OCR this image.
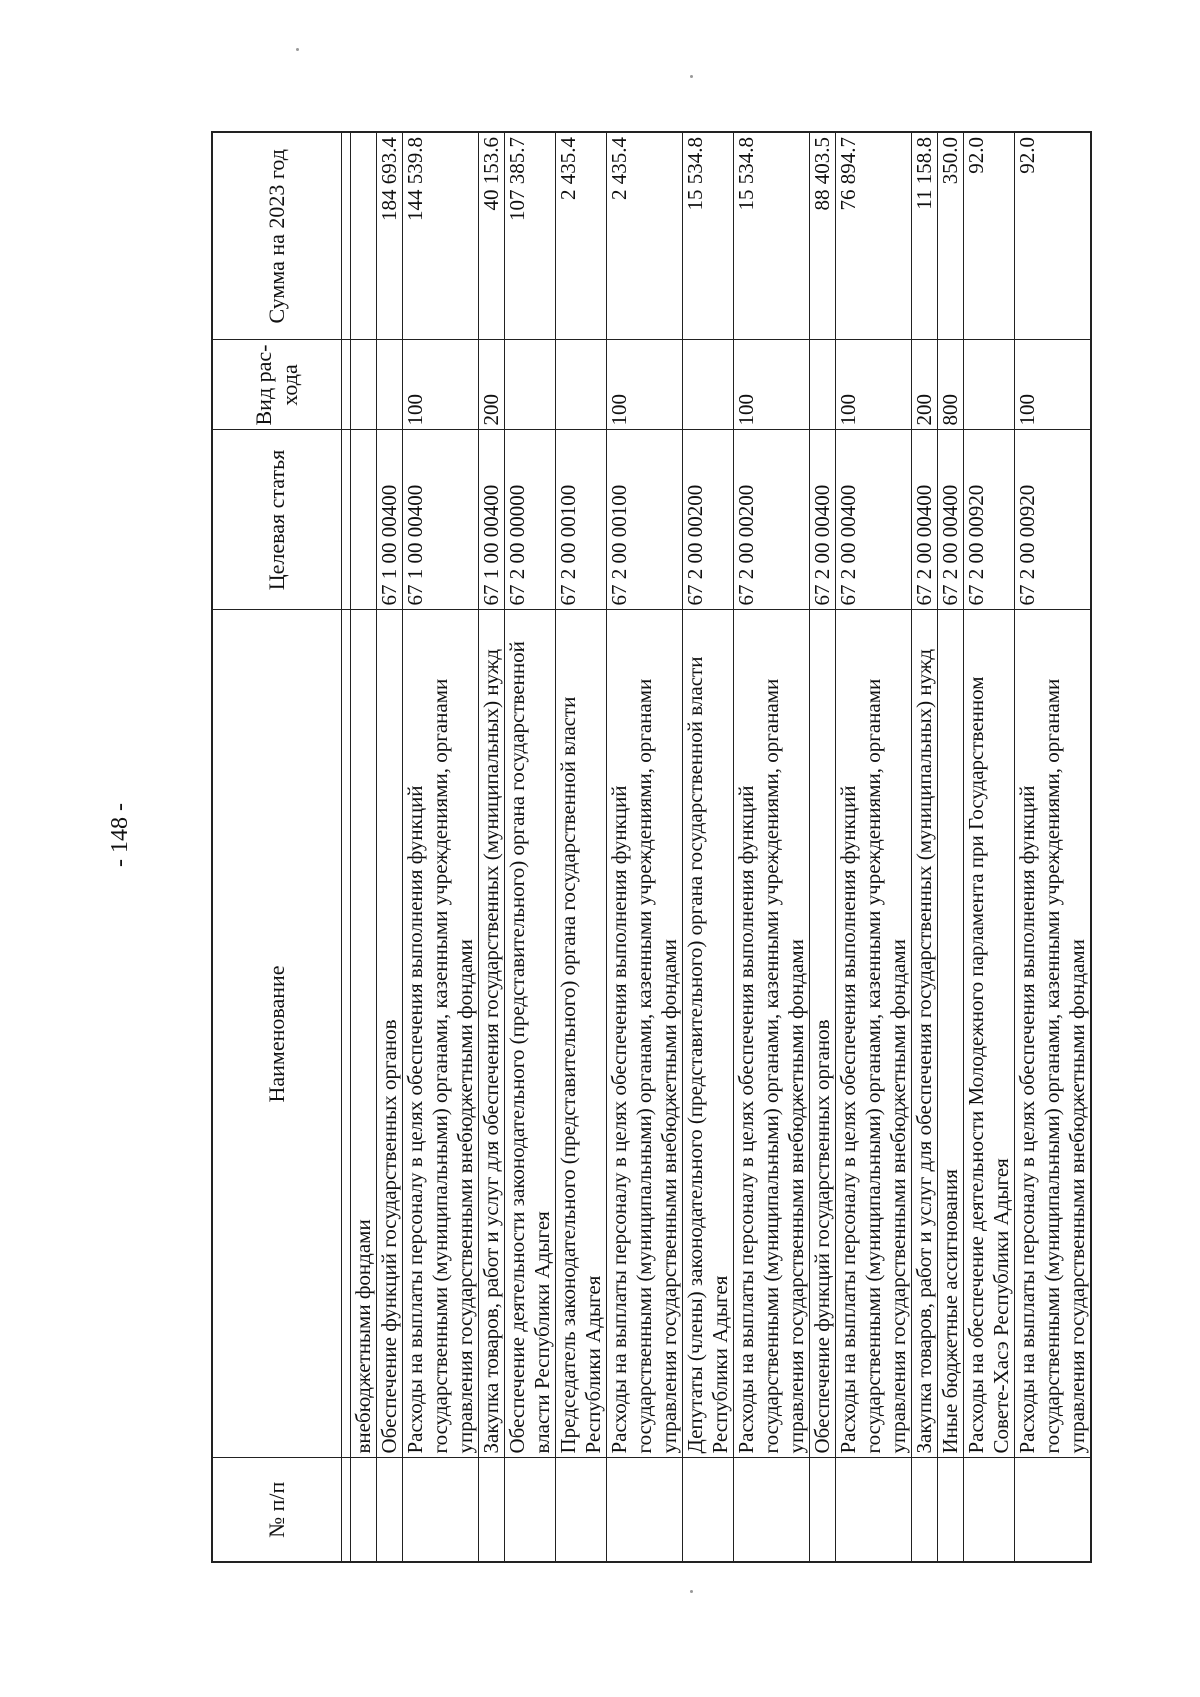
- 148 -
№ п/п	Наименование	Целевая статья	Вид рас-хода	Сумма на 2023 год

	внебюджетными фондами			
	Обеспечение функций государственных органов	67 1 00 00400		184 693.4
	Расходы на выплаты персоналу в целях обеспечения выполнения функций государственными (муниципальными) органами, казенными учреждениями, органами управления государственными внебюджетными фондами	67 1 00 00400	100	144 539.8
	Закупка товаров, работ и услуг для обеспечения государственных (муниципальных) нужд	67 1 00 00400	200	40 153.6
	Обеспечение деятельности законодательного (представительного) органа государственной власти Республики Адыгея	67 2 00 00000		107 385.7
	Председатель законодательного (представительного) органа государственной власти Республики Адыгея	67 2 00 00100		2 435.4
	Расходы на выплаты персоналу в целях обеспечения выполнения функций государственными (муниципальными) органами, казенными учреждениями, органами управления государственными внебюджетными фондами	67 2 00 00100	100	2 435.4
	Депутаты (члены) законодательного (представительного) органа государственной власти Республики Адыгея	67 2 00 00200		15 534.8
	Расходы на выплаты персоналу в целях обеспечения выполнения функций государственными (муниципальными) органами, казенными учреждениями, органами управления государственными внебюджетными фондами	67 2 00 00200	100	15 534.8
	Обеспечение функций государственных органов	67 2 00 00400		88 403.5
	Расходы на выплаты персоналу в целях обеспечения выполнения функций государственными (муниципальными) органами, казенными учреждениями, органами управления государственными внебюджетными фондами	67 2 00 00400	100	76 894.7
	Закупка товаров, работ и услуг для обеспечения государственных (муниципальных) нужд	67 2 00 00400	200	11 158.8
	Иные бюджетные ассигнования	67 2 00 00400	800	350.0
	Расходы на обеспечение деятельности Молодежного парламента при Государственном Совете-Хасэ Республики Адыгея	67 2 00 00920		92.0
	Расходы на выплаты персоналу в целях обеспечения выполнения функций государственными (муниципальными) органами, казенными учреждениями, органами управления государственными внебюджетными фондами	67 2 00 00920	100	92.0
